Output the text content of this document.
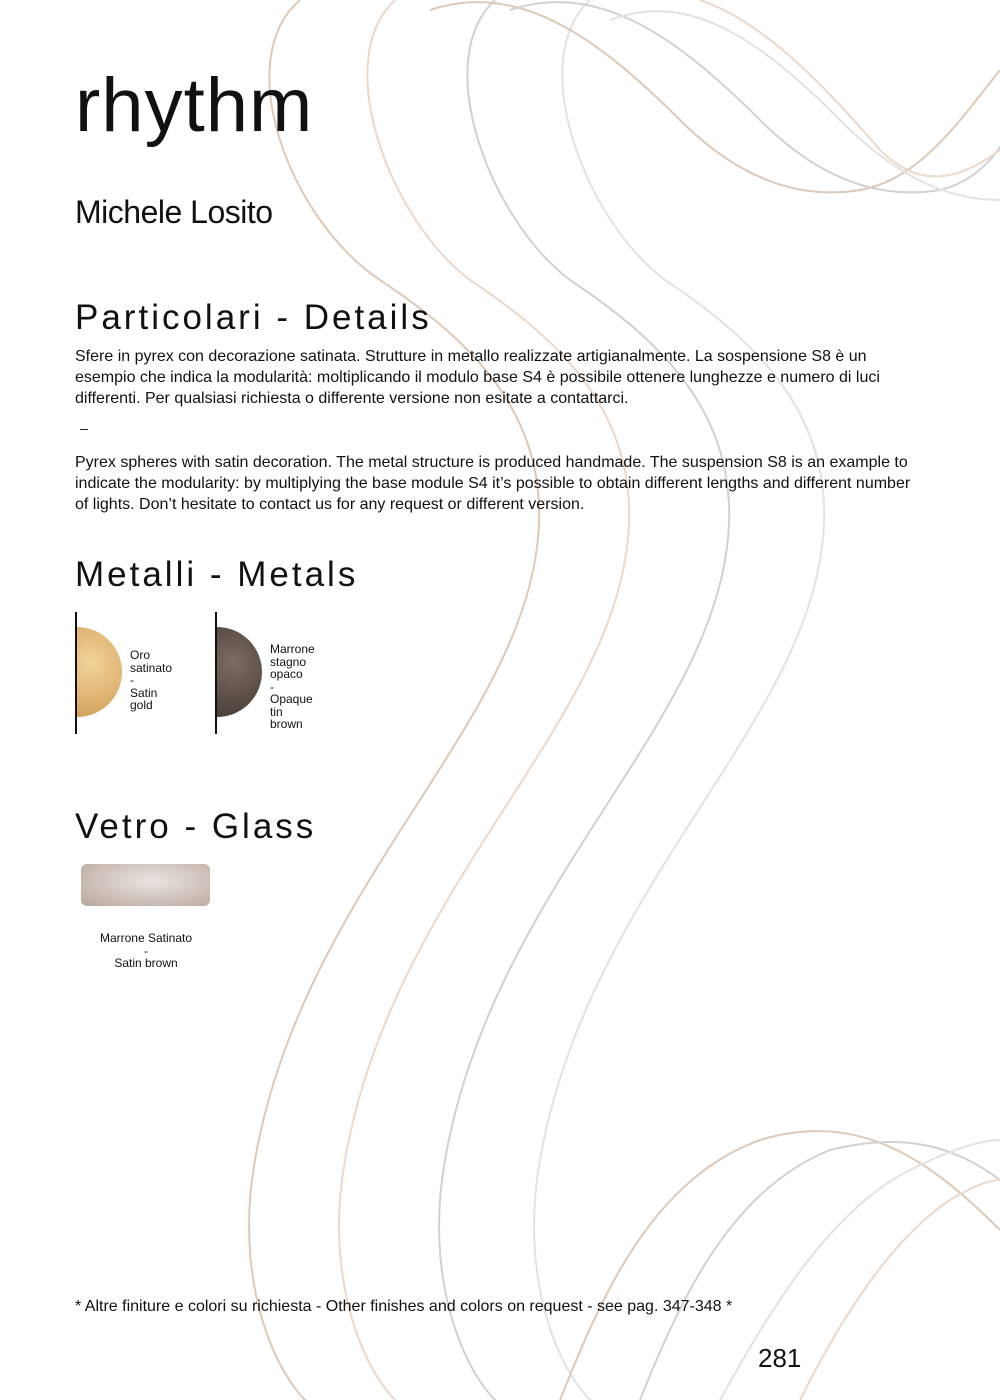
rhythm
Michele Losito
Particolari - Details
Sfere in pyrex con decorazione satinata. Strutture in metallo realizzate artigianalmente. La sospensione S8 è un esempio che indica la modularità: moltiplicando il modulo base S4 è possibile ottenere lunghezze e numero di luci differenti. Per qualsiasi richiesta o differente versione non esitate a contattarci.
–
Pyrex spheres with satin decoration. The metal structure is produced handmade. The suspension S8 is an example to indicate the modularity: by multiplying the base module S4 it’s possible to obtain different lengths and different number of lights. Don’t hesitate to contact us for any request or different version.
Metalli - Metals
Oro
satinato
-
Satin gold
Marrone
stagno opaco
-
Opaque tin
brown
Vetro - Glass
Marrone Satinato
-
Satin brown
* Altre finiture e colori su richiesta - Other finishes and colors on request - see pag. 347-348 *
281
